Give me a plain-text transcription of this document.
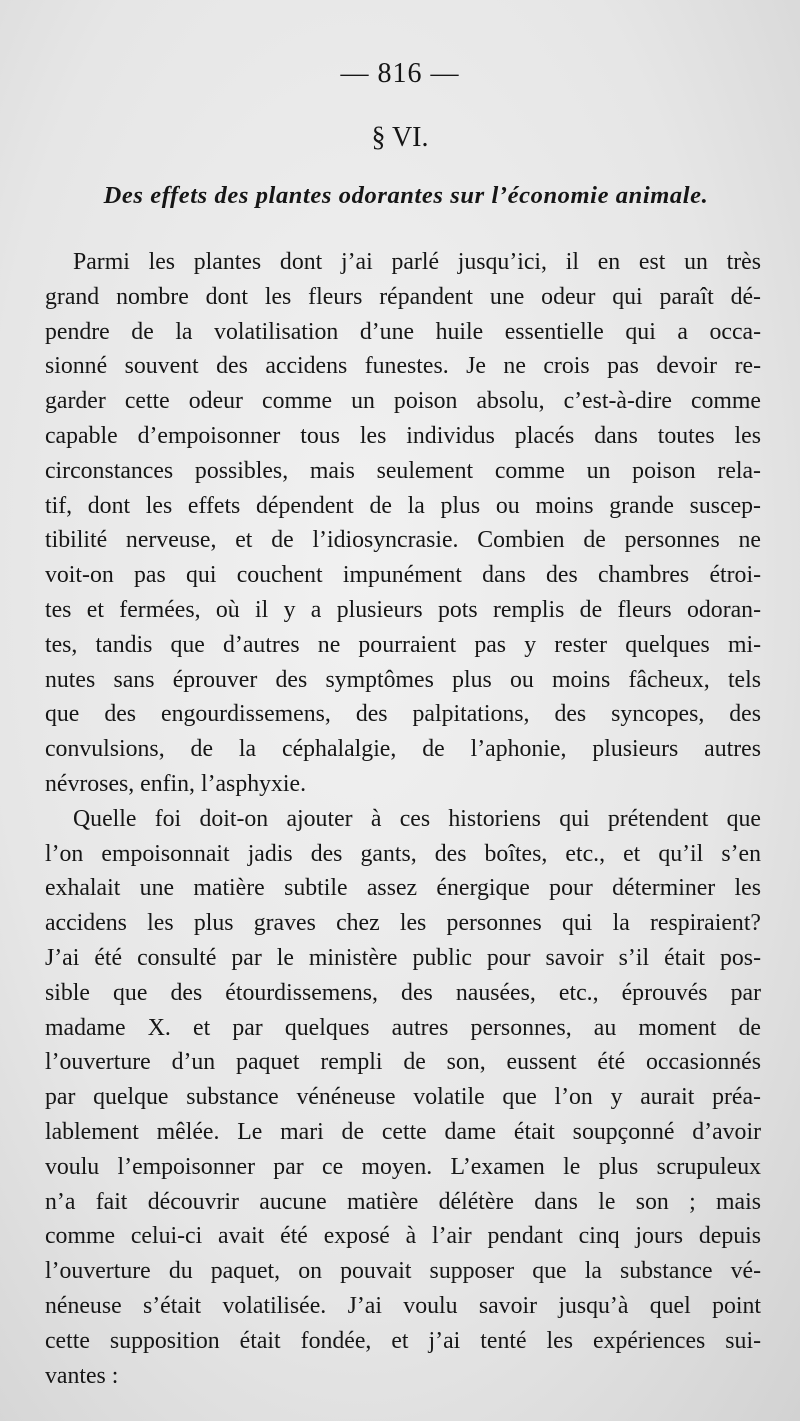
— 816 —
§ VI.
Des effets des plantes odorantes sur l’économie animale.
Parmi les plantes dont j’ai parlé jusqu’ici, il en est un très
grand nombre dont les fleurs répandent une odeur qui paraît dé-
pendre de la volatilisation d’une huile essentielle qui a occa-
sionné souvent des accidens funestes. Je ne crois pas devoir re-
garder cette odeur comme un poison absolu, c’est-à-dire comme
capable d’empoisonner tous les individus placés dans toutes les
circonstances possibles, mais seulement comme un poison rela-
tif, dont les effets dépendent de la plus ou moins grande suscep-
tibilité nerveuse, et de l’idiosyncrasie. Combien de personnes ne
voit-on pas qui couchent impunément dans des chambres étroi-
tes et fermées, où il y a plusieurs pots remplis de fleurs odoran-
tes, tandis que d’autres ne pourraient pas y rester quelques mi-
nutes sans éprouver des symptômes plus ou moins fâcheux, tels
que des engourdissemens, des palpitations, des syncopes, des
convulsions, de la céphalalgie, de l’aphonie, plusieurs autres
névroses, enfin, l’asphyxie.
Quelle foi doit-on ajouter à ces historiens qui prétendent que
l’on empoisonnait jadis des gants, des boîtes, etc., et qu’il s’en
exhalait une matière subtile assez énergique pour déterminer les
accidens les plus graves chez les personnes qui la respiraient?
J’ai été consulté par le ministère public pour savoir s’il était pos-
sible que des étourdissemens, des nausées, etc., éprouvés par
madame X. et par quelques autres personnes, au moment de
l’ouverture d’un paquet rempli de son, eussent été occasionnés
par quelque substance vénéneuse volatile que l’on y aurait préa-
lablement mêlée. Le mari de cette dame était soupçonné d’avoir
voulu l’empoisonner par ce moyen. L’examen le plus scrupuleux
n’a fait découvrir aucune matière délétère dans le son ; mais
comme celui-ci avait été exposé à l’air pendant cinq jours depuis
l’ouverture du paquet, on pouvait supposer que la substance vé-
néneuse s’était volatilisée. J’ai voulu savoir jusqu’à quel point
cette supposition était fondée, et j’ai tenté les expériences sui-
vantes :
